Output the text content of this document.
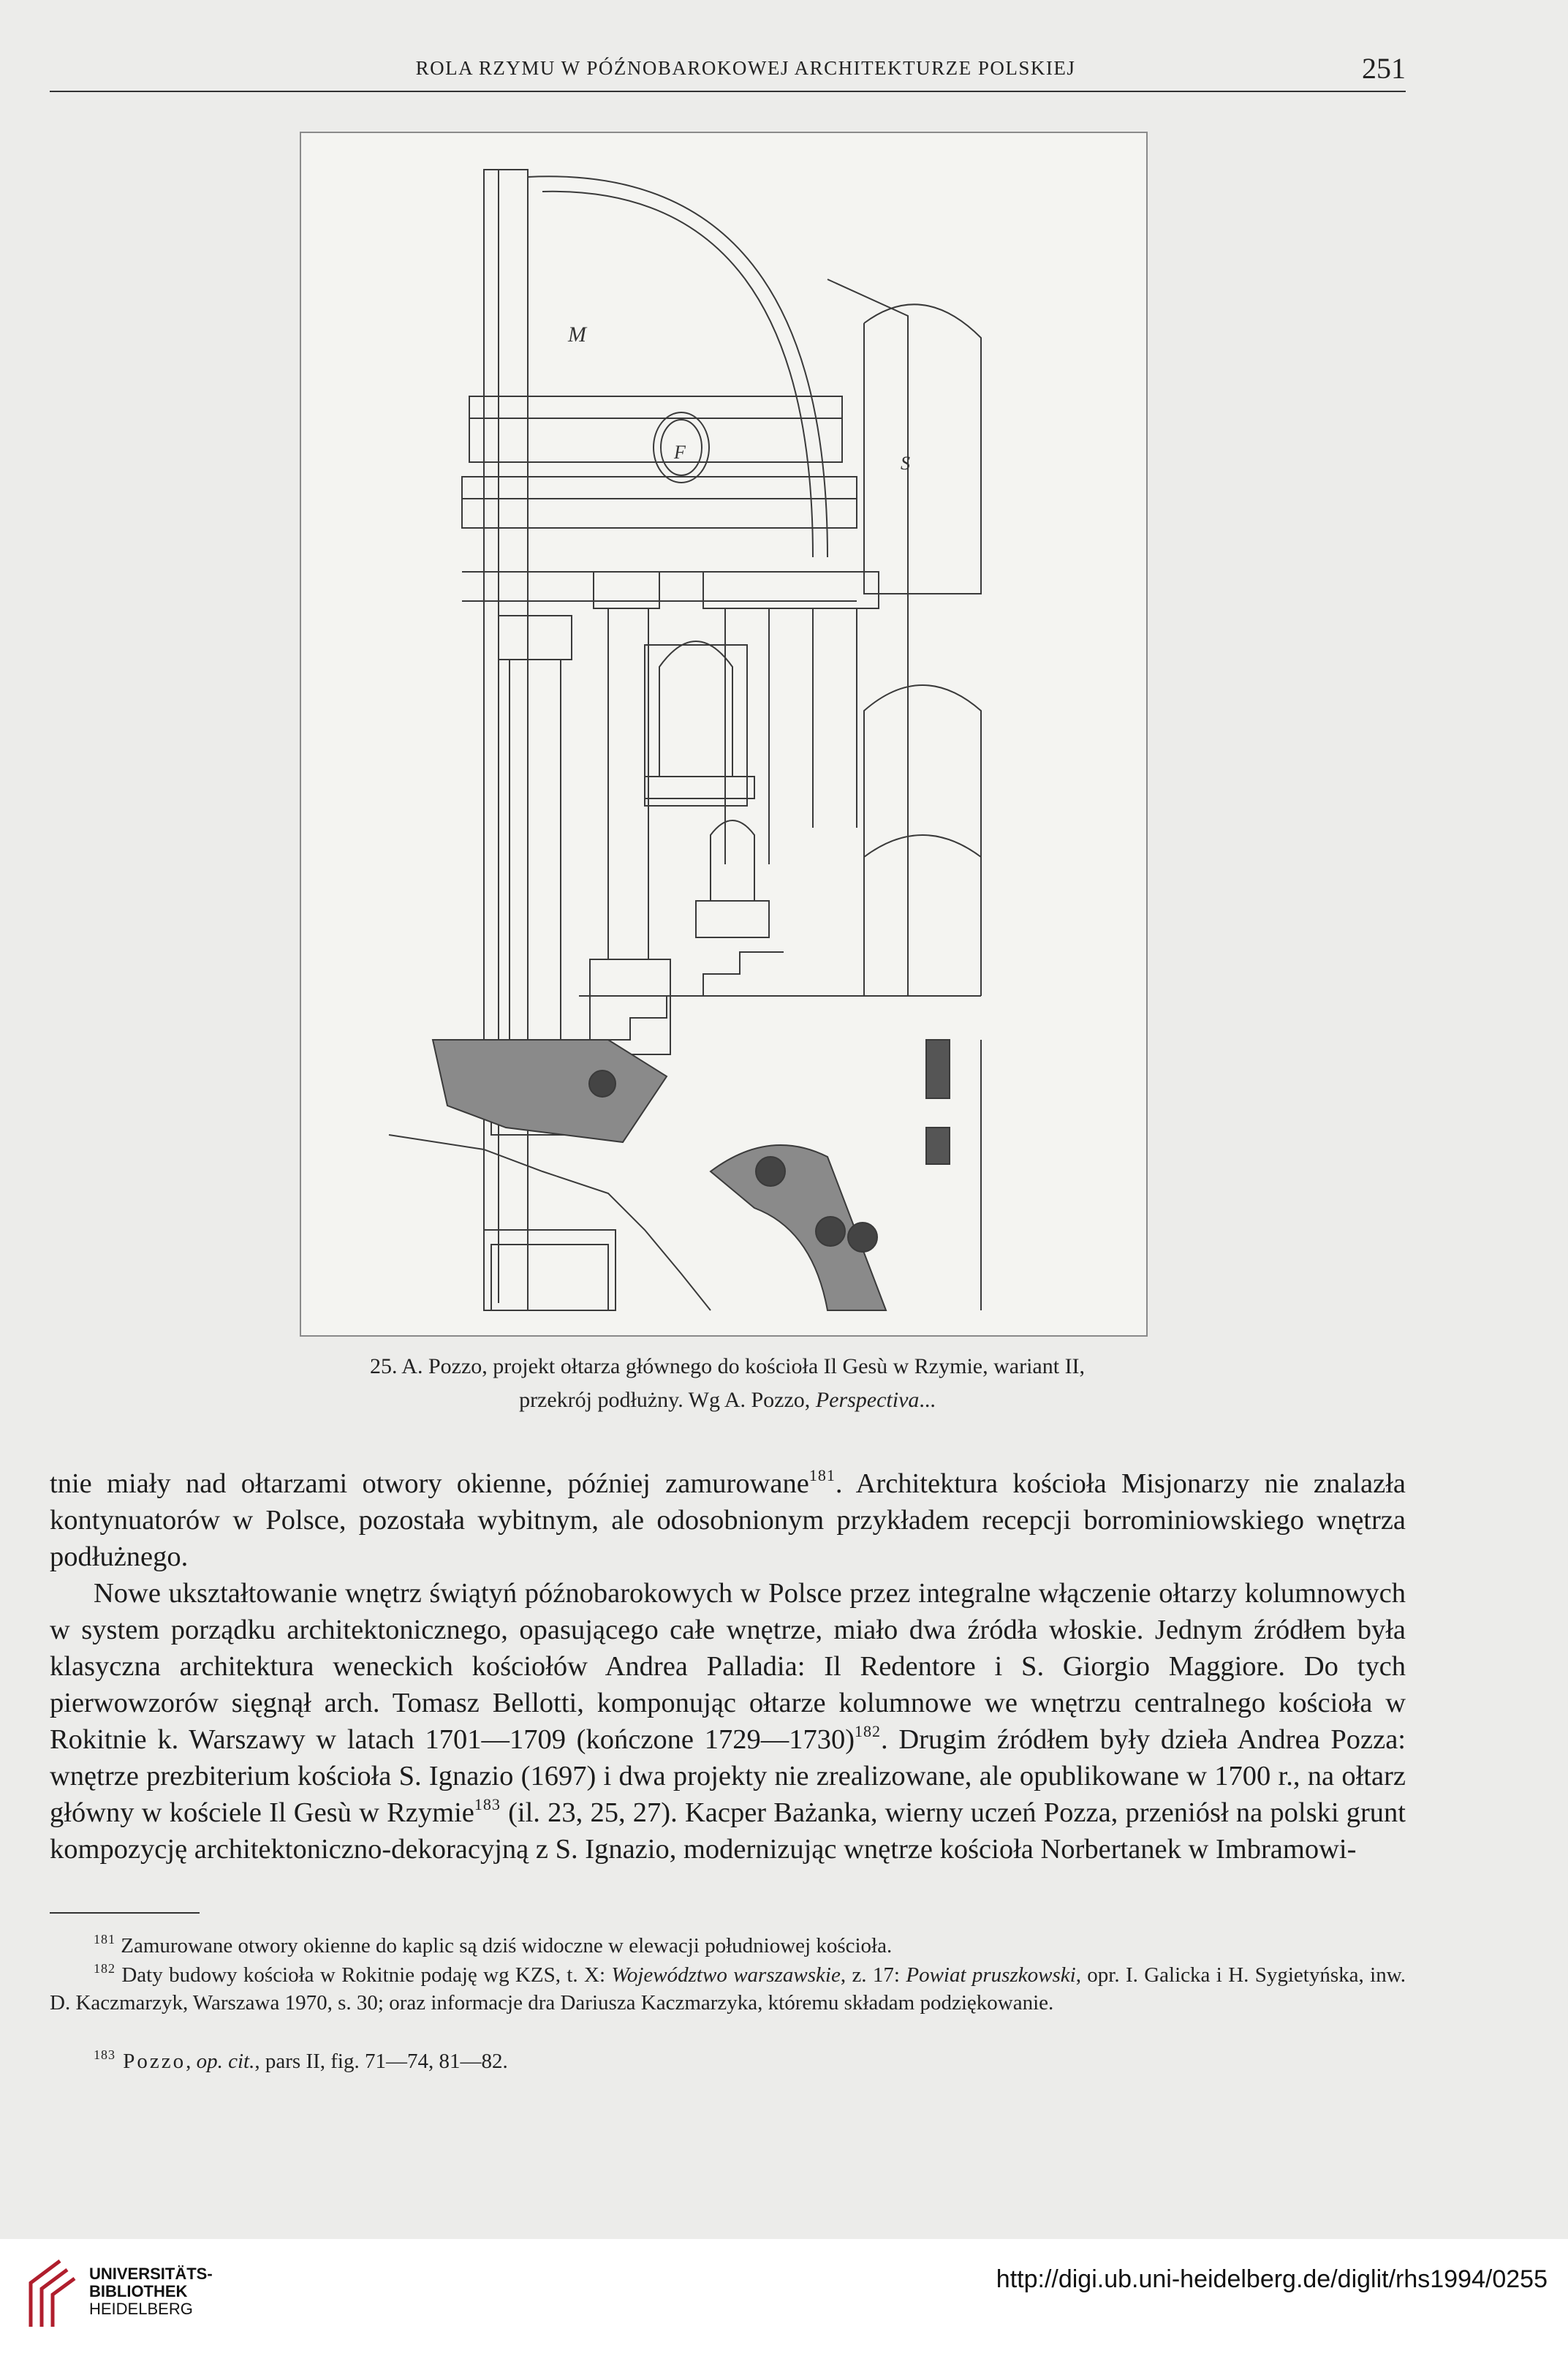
ROLA RZYMU W PÓŹNOBAROKOWEJ ARCHITEKTURZE POLSKIEJ	251
M
F
S
25. A. Pozzo, projekt ołtarza głównego do kościoła Il Gesù w Rzymie, wariant II,
przekrój podłużny. Wg A. Pozzo, Perspectiva...

tnie miały nad ołtarzami otwory okienne, później zamurowane$^{181}$. Architektura kościoła Misjonarzy nie znalazła kontynuatorów w Polsce, pozostała wybitnym, ale odosobnionym przykładem recepcji borrominiowskiego wnętrza podłużnego.

Nowe ukształtowanie wnętrz świątyń późnobarokowych w Polsce przez integralne włączenie ołtarzy kolumnowych w system porządku architektonicznego, opasującego całe wnętrze, miało dwa źródła włoskie. Jednym źródłem była klasyczna architektura weneckich kościołów Andrea Palladia: Il Redentore i S. Giorgio Maggiore. Do tych pierwowzorów sięgnął arch. Tomasz Bellotti, komponując ołtarze kolumnowe we wnętrzu centralnego kościoła w Rokitnie k. Warszawy w latach 1701—1709 (kończone 1729—1730)$^{182}$. Drugim źródłem były dzieła Andrea Pozza: wnętrze prezbiterium kościoła S. Ignazio (1697) i dwa projekty nie zrealizowane, ale opublikowane w 1700 r., na ołtarz główny w kościele Il Gesù w Rzymie$^{183}$ (il. 23, 25, 27). Kacper Bażanka, wierny uczeń Pozza, przeniósł na polski grunt kompozycję architektoniczno-dekoracyjną z S. Ignazio, modernizując wnętrze kościoła Norbertanek w Imbramowi-

$^{181}$ Zamurowane otwory okienne do kaplic są dziś widoczne w elewacji południowej kościoła.

$^{182}$ Daty budowy kościoła w Rokitnie podaję wg KZS, t. X: Województwo warszawskie, z. 17: Powiat pruszkowski, opr. I. Galicka i H. Sygietyńska, inw. D. Kaczmarzyk, Warszawa 1970, s. 30; oraz informacje dra Dariusza Kaczmarzyka, któremu składam podziękowanie.

$^{183}$ Pozzo, op. cit., pars II, fig. 71—74, 81—82.

UNIVERSITÄTS-
BIBLIOTHEK
HEIDELBERG
http://digi.ub.uni-heidelberg.de/diglit/rhs1994/0255
